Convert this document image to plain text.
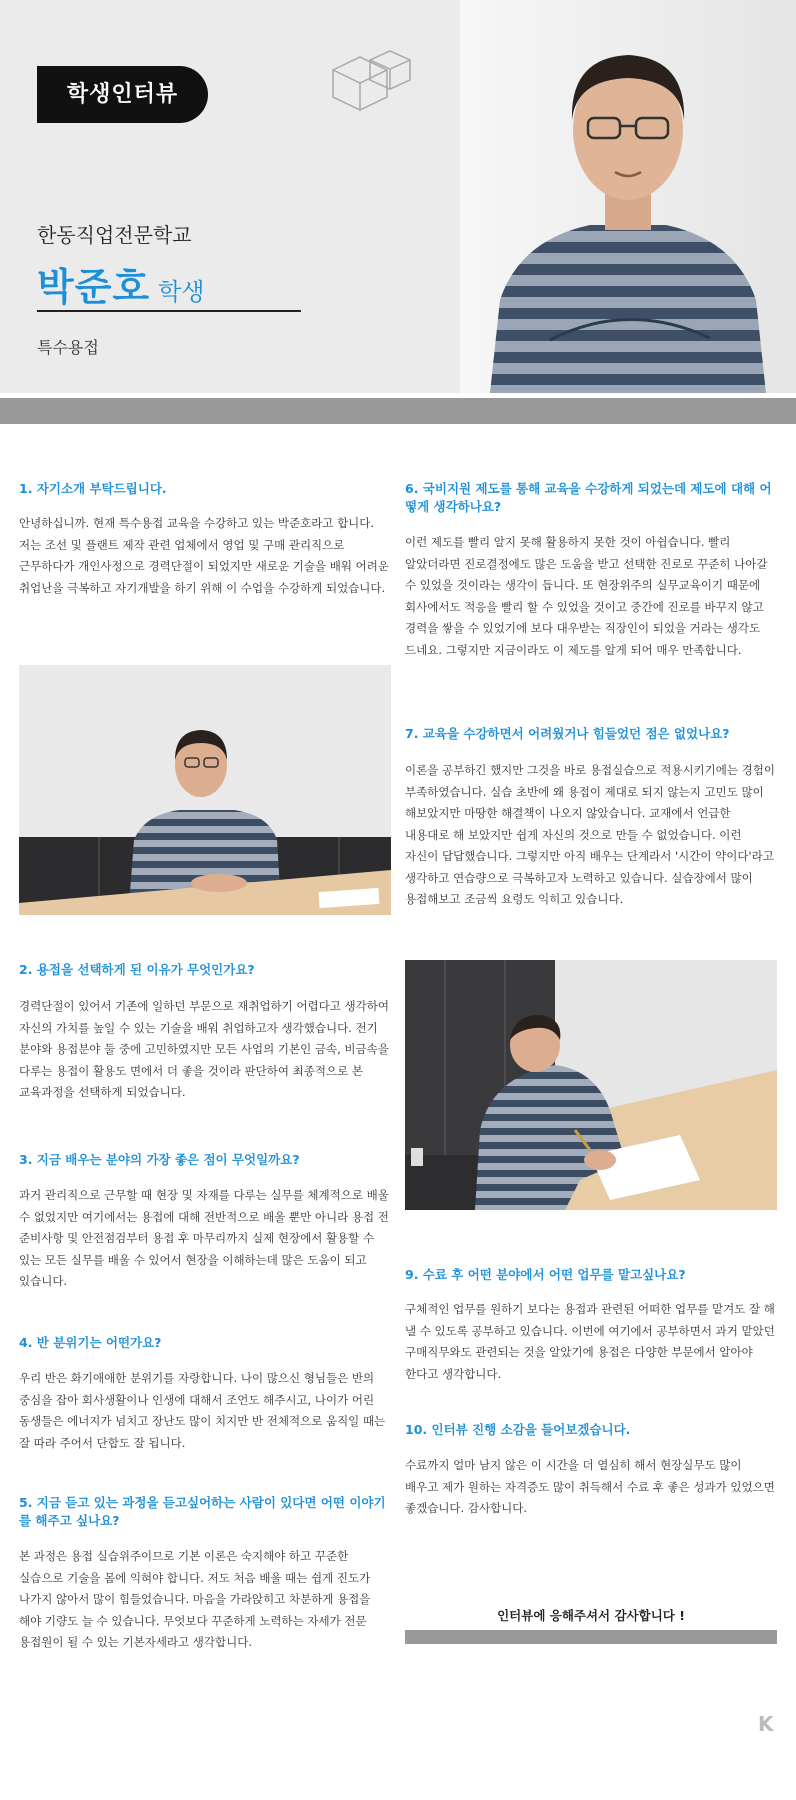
학생인터뷰
한동직업전문학교
박준호 학생
특수용접
1. 자기소개 부탁드립니다.
안녕하십니까. 현재 특수용접 교육을 수강하고 있는 박준호라고 합니다. 저는 조선 및 플랜트 제작 관련 업체에서 영업 및 구매 관리직으로 근무하다가 개인사정으로 경력단절이 되었지만 새로운 기술을 배워 어려운 취업난을 극복하고 자기개발을 하기 위해 이 수업을 수강하게 되었습니다.
2. 용접을 선택하게 된 이유가 무엇인가요?
경력단절이 있어서 기존에 일하던 부문으로 재취업하기 어렵다고 생각하여 자신의 가치를 높일 수 있는 기술을 배워 취업하고자 생각했습니다. 전기 분야와 용접분야 둘 중에 고민하였지만 모든 사업의 기본인 금속, 비금속을 다루는 용접이 활용도 면에서 더 좋을 것이라 판단하여 최종적으로 본 교육과정을 선택하게 되었습니다.
3. 지금 배우는 분야의 가장 좋은 점이 무엇일까요?
과거 관리직으로 근무할 때 현장 및 자재를 다루는 실무를 체계적으로 배울 수 없었지만 여기에서는 용접에 대해 전반적으로 배울 뿐만 아니라 용접 전 준비사항 및 안전점검부터 용접 후 마무리까지 실제 현장에서 활용할 수 있는 모든 실무를 배울 수 있어서 현장을 이해하는데 많은 도움이 되고 있습니다.
4. 반 분위기는 어떤가요?
우리 반은 화기애애한 분위기를 자랑합니다. 나이 많으신 형님들은 반의 중심을 잡아 회사생활이나 인생에 대해서 조언도 해주시고, 나이가 어린 동생들은 에너지가 넘치고 장난도 많이 치지만 반 전체적으로 움직일 때는 잘 따라 주어서 단합도 잘 됩니다.
5. 지금 듣고 있는 과정을 듣고싶어하는 사람이 있다면 어떤 이야기를 해주고 싶나요?
본 과정은 용접 실습위주이므로 기본 이론은 숙지해야 하고 꾸준한 실습으로 기술을 몸에 익혀야 합니다. 저도 처음 배울 때는 쉽게 진도가 나가지 않아서 많이 힘들었습니다. 마음을 가라앉히고 차분하게 용접을 해야 기량도 늘 수 있습니다. 무엇보다 꾸준하게 노력하는 자세가 전문 용접원이 될 수 있는 기본자세라고 생각합니다.
6. 국비지원 제도를 통해 교육을 수강하게 되었는데 제도에 대해 어떻게 생각하나요?
이런 제도를 빨리 알지 못해 활용하지 못한 것이 아쉽습니다. 빨리 알았더라면 진로결정에도 많은 도움을 받고 선택한 진로로 꾸준히 나아갈 수 있었을 것이라는 생각이 듭니다. 또 현장위주의 실무교육이기 때문에 회사에서도 적응을 빨리 할 수 있었을 것이고 중간에 진로를 바꾸지 않고 경력을 쌓을 수 있었기에 보다 대우받는 직장인이 되었을 거라는 생각도 드네요. 그렇지만 지금이라도 이 제도를 알게 되어 매우 만족합니다.
7. 교육을 수강하면서 어려웠거나 힘들었던 점은 없었나요?
이론을 공부하긴 했지만 그것을 바로 용접실습으로 적용시키기에는 경험이 부족하였습니다. 실습 초반에 왜 용접이 제대로 되지 않는지 고민도 많이 해보았지만 마땅한 해결책이 나오지 않았습니다. 교재에서 언급한 내용대로 해 보았지만 쉽게 자신의 것으로 만들 수 없었습니다. 이런 자신이 답답했습니다. 그렇지만 아직 배우는 단계라서 '시간이 약이다'라고 생각하고 연습량으로 극복하고자 노력하고 있습니다. 실습장에서 많이 용접해보고 조금씩 요령도 익히고 있습니다.
9. 수료 후 어떤 분야에서 어떤 업무를 맡고싶나요?
구체적인 업무를 원하기 보다는 용접과 관련된 어떠한 업무를 맡겨도 잘 해 낼 수 있도록 공부하고 있습니다. 이번에 여기에서 공부하면서 과거 맡았던 구매직무와도 관련되는 것을 알았기에 용접은 다양한 부문에서 알아야 한다고 생각합니다.
10. 인터뷰 진행 소감을 들어보겠습니다.
수료까지 얼마 남지 않은 이 시간을 더 열심히 해서 현장실무도 많이 배우고 제가 원하는 자격증도 많이 취득해서 수료 후 좋은 성과가 있었으면 좋겠습니다. 감사합니다.
인터뷰에 응해주셔서 감사합니다 !
K
